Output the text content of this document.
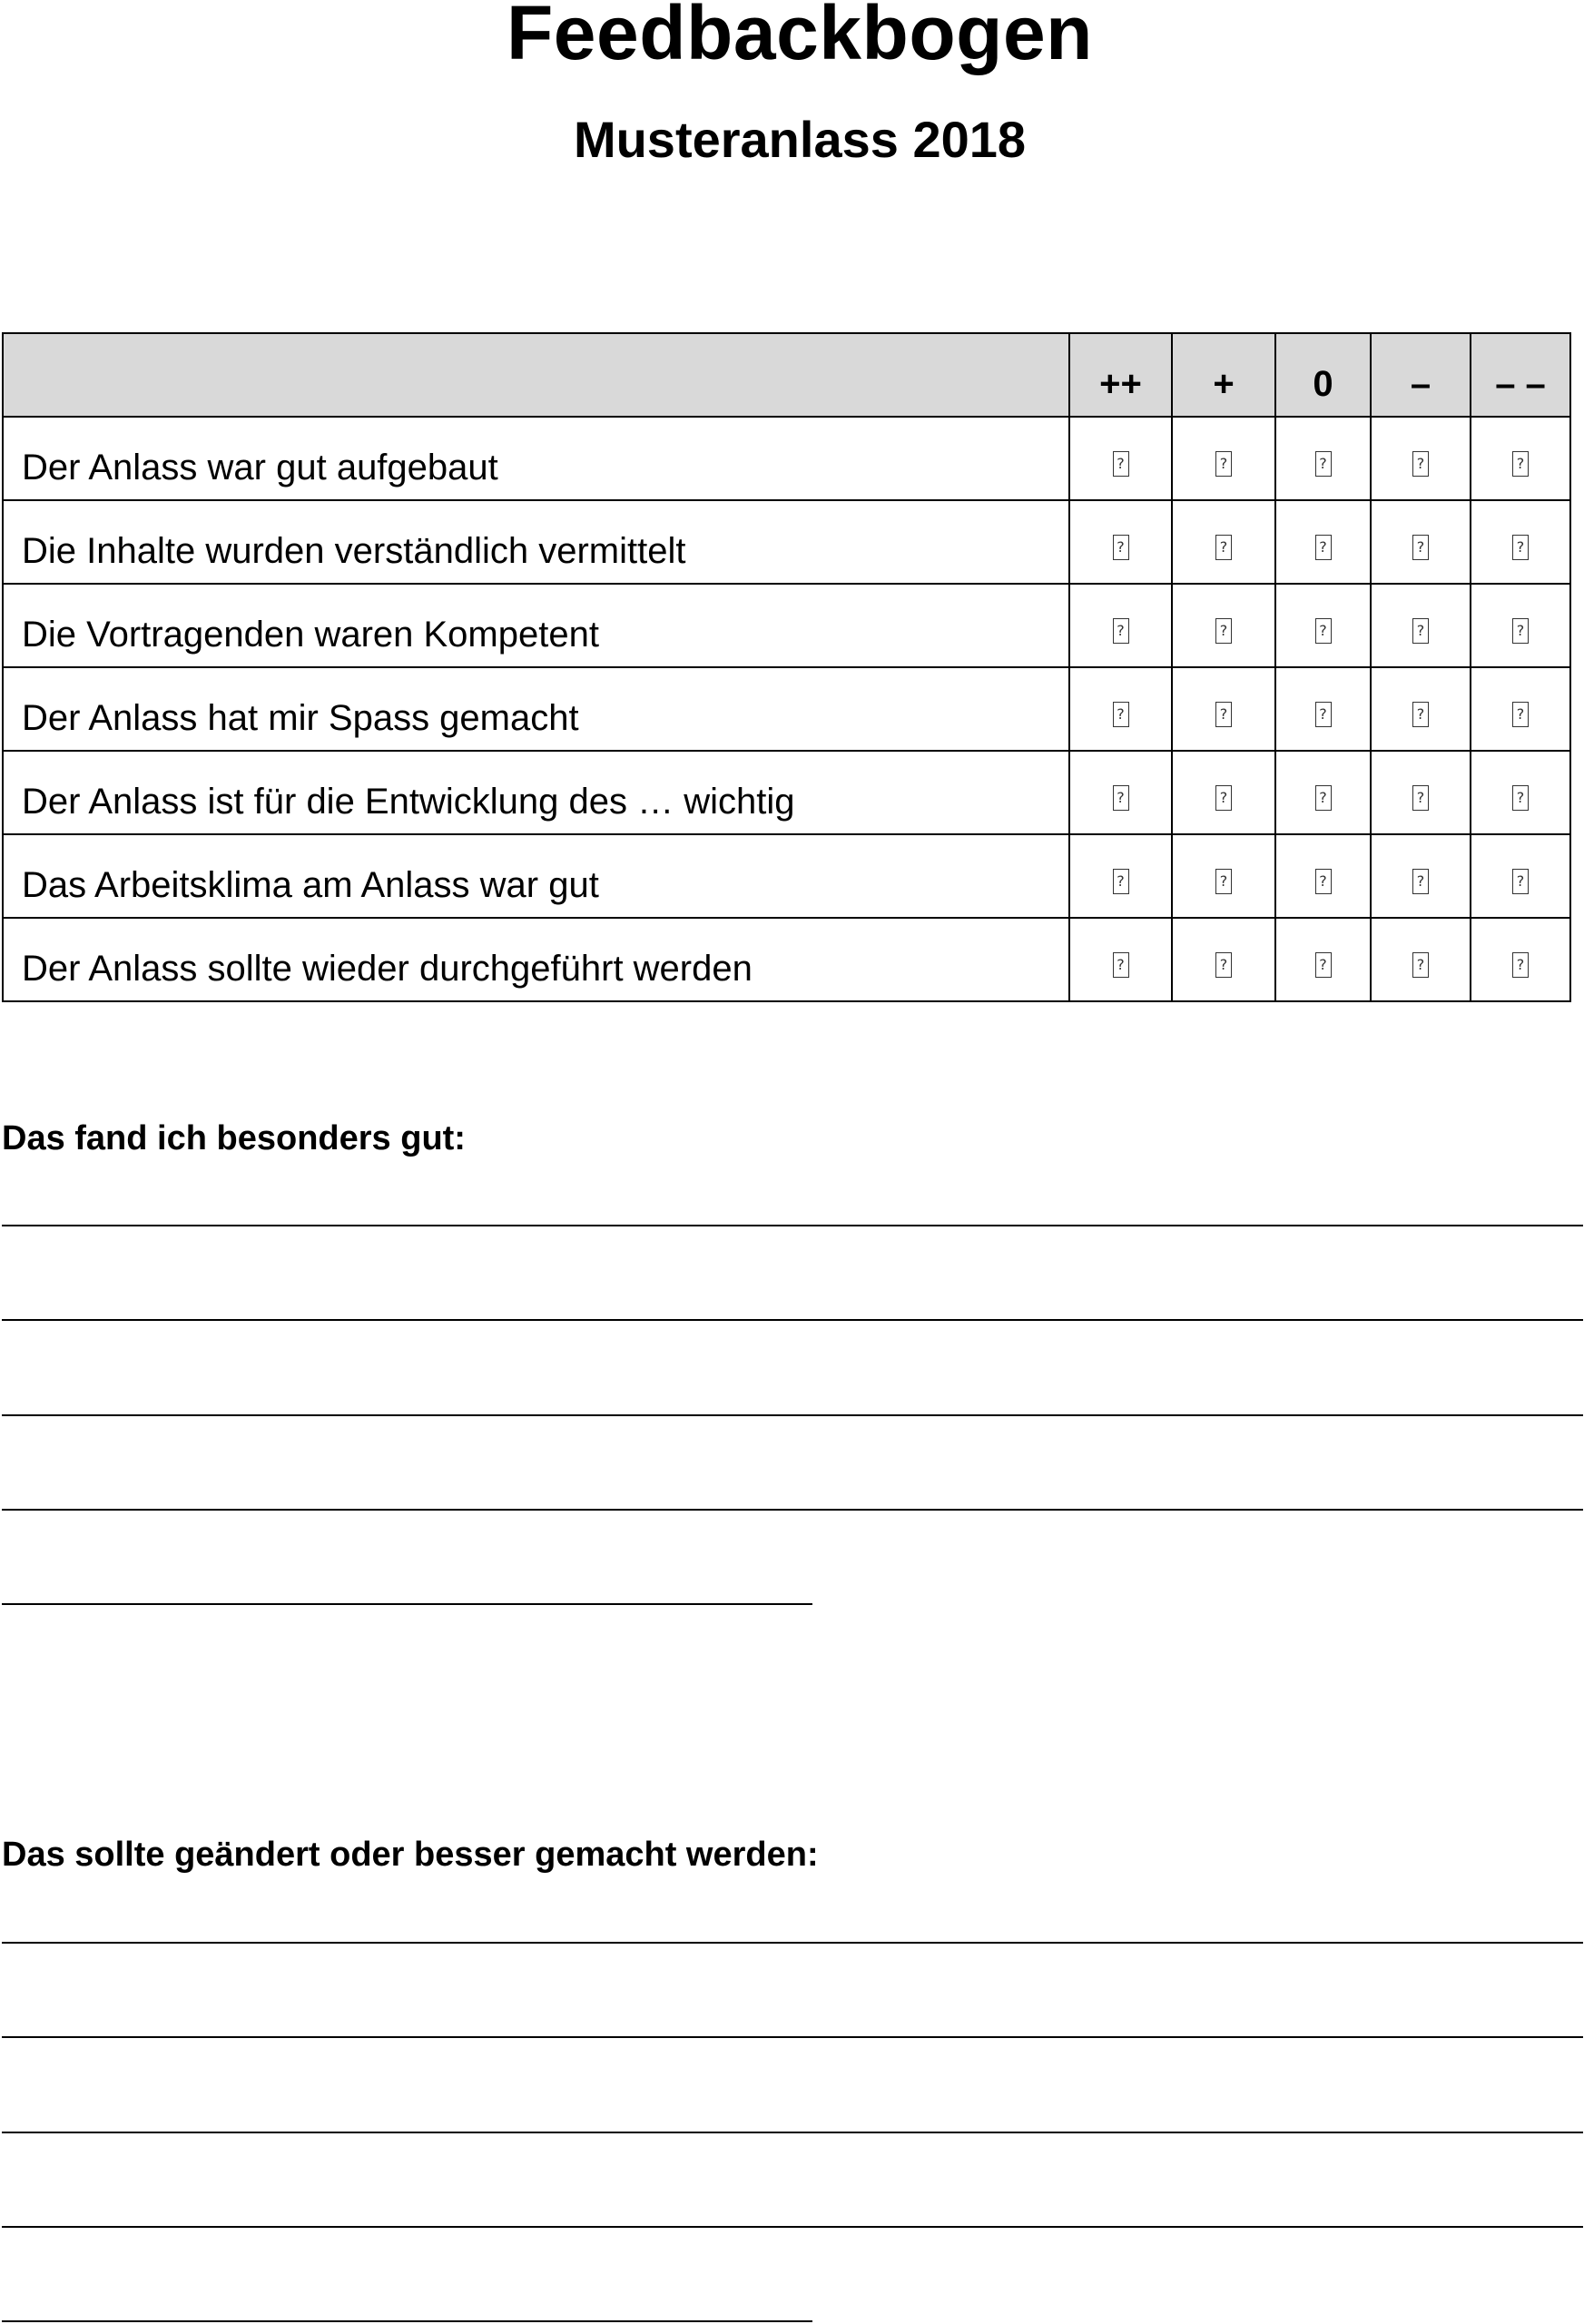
Feedbackbogen
Musteranlass 2018
	++	+	0	–	– –
Der Anlass war gut aufgebaut	?	?	?	?	?
Die Inhalte wurden verständlich vermittelt	?	?	?	?	?
Die Vortragenden waren Kompetent	?	?	?	?	?
Der Anlass hat mir Spass gemacht	?	?	?	?	?
Der Anlass ist für die Entwicklung des … wichtig	?	?	?	?	?
Das Arbeitsklima am Anlass war gut	?	?	?	?	?
Der Anlass sollte wieder durchgeführt werden	?	?	?	?	?
Das fand ich besonders gut:
Das sollte geändert oder besser gemacht werden:
